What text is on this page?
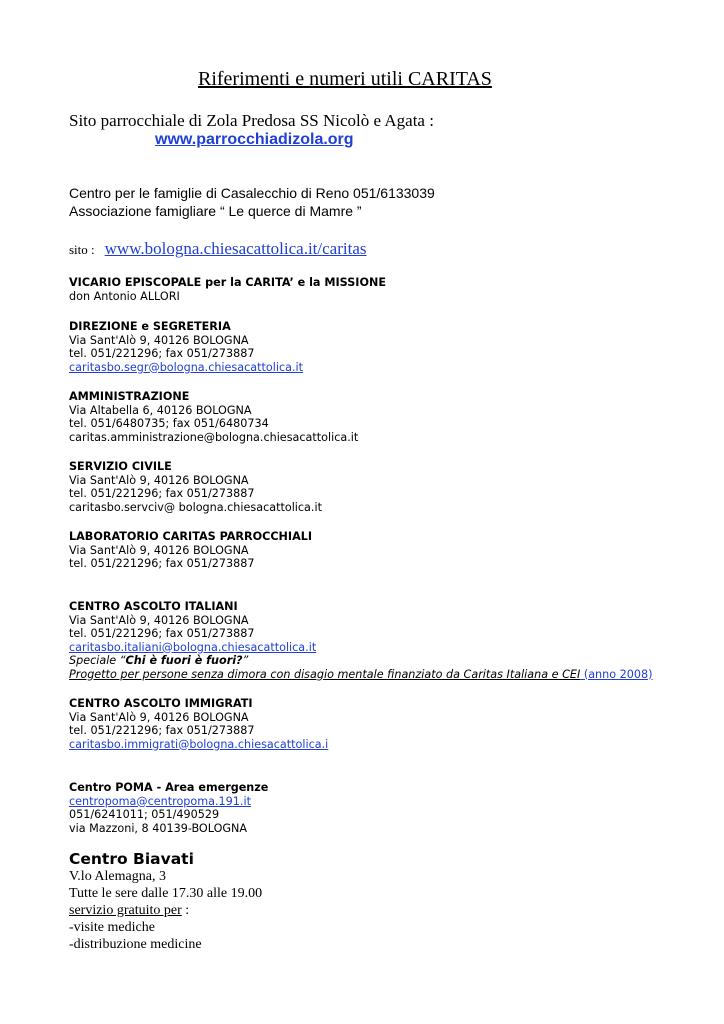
Riferimenti e numeri utili CARITAS
Sito parrocchiale di Zola Predosa SS Nicolò e Agata :
www.parrocchiadizola.org
Centro per le famiglie di Casalecchio di Reno 051/6133039
Associazione famigliare “ Le querce di Mamre ”
sito : www.bologna.chiesacattolica.it/caritas
VICARIO EPISCOPALE per la CARITA’ e la MISSIONE
don Antonio ALLORI
DIREZIONE e SEGRETERIA
Via Sant'Alò 9, 40126 BOLOGNA
tel. 051/221296; fax 051/273887
caritasbo.segr@bologna.chiesacattolica.it
AMMINISTRAZIONE
Via Altabella 6, 40126 BOLOGNA
tel. 051/6480735; fax 051/6480734
caritas.amministrazione@bologna.chiesacattolica.it
SERVIZIO CIVILE
Via Sant'Alò 9, 40126 BOLOGNA
tel. 051/221296; fax 051/273887
caritasbo.servciv@ bologna.chiesacattolica.it
LABORATORIO CARITAS PARROCCHIALI
Via Sant'Alò 9, 40126 BOLOGNA
tel. 051/221296; fax 051/273887
CENTRO ASCOLTO ITALIANI
Via Sant'Alò 9, 40126 BOLOGNA
tel. 051/221296; fax 051/273887
caritasbo.italiani@bologna.chiesacattolica.it
Speciale “Chi è fuori è fuori?”
Progetto per persone senza dimora con disagio mentale finanziato da Caritas Italiana e CEI (anno 2008)
CENTRO ASCOLTO IMMIGRATI
Via Sant'Alò 9, 40126 BOLOGNA
tel. 051/221296; fax 051/273887
caritasbo.immigrati@bologna.chiesacattolica.i
Centro POMA - Area emergenze
centropoma@centropoma.191.it
051/6241011; 051/490529
via Mazzoni, 8 40139-BOLOGNA
Centro Biavati
V.lo Alemagna, 3
Tutte le sere dalle 17.30 alle 19.00
servizio gratuito per :
-visite mediche
-distribuzione medicine
